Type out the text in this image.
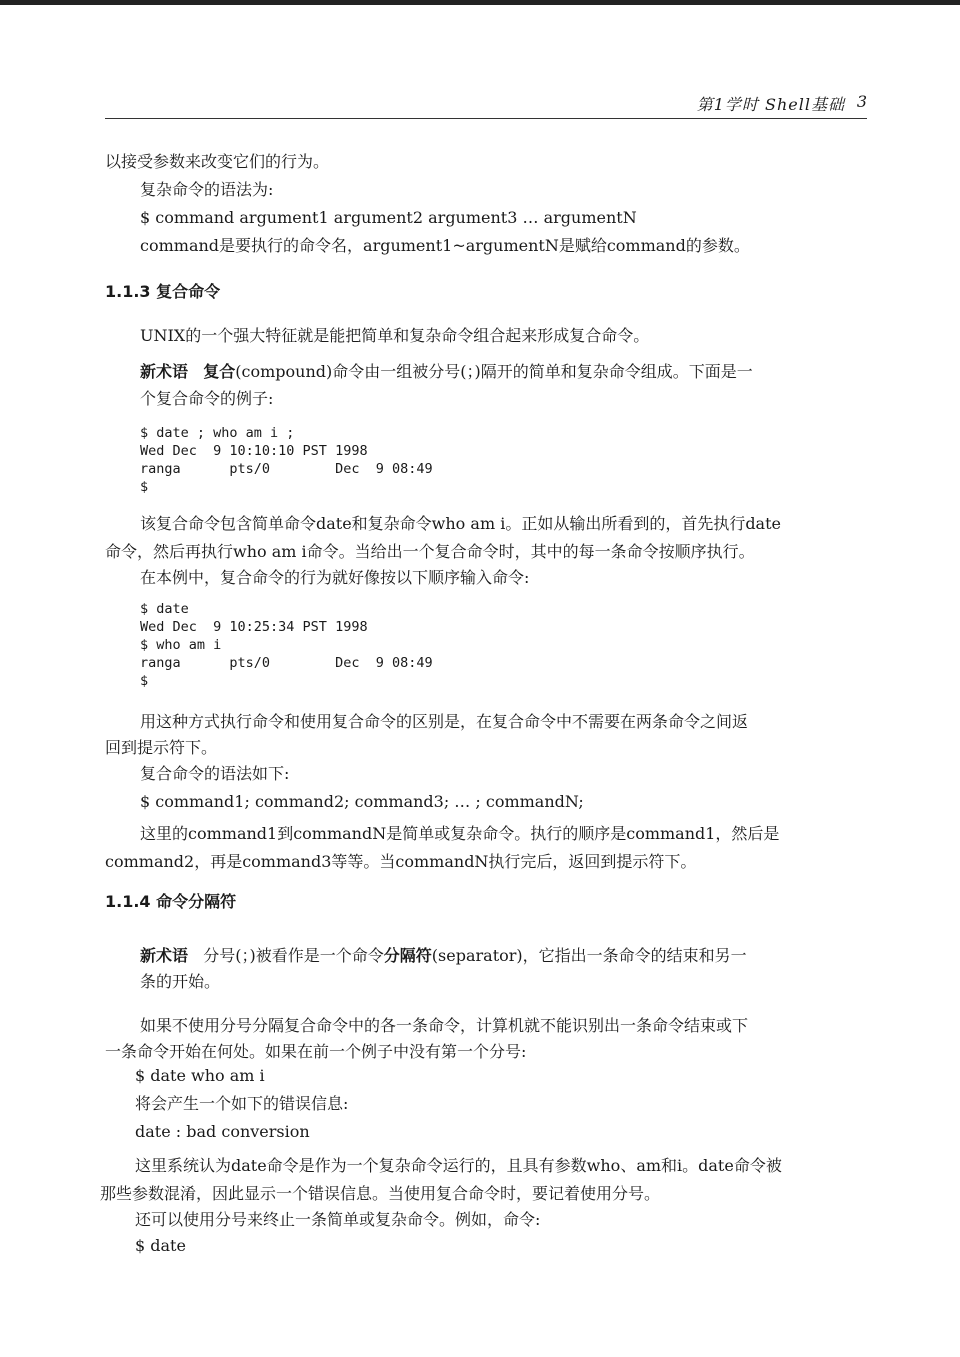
第1学时 Shell基础 3

以接受参数来改变它们的行为。

复杂命令的语法为:

$ command argument1 argument2 argument3 … argumentN

command是要执行的命令名，argument1~argumentN是赋给command的参数。

1.1.3 复合命令

UNIX的一个强大特征就是能把简单和复杂命令组合起来形成复合命令。

新术语 复合(compound)命令由一组被分号(；)隔开的简单和复杂命令组成。下面是一

个复合命令的例子:

$ date ; who am i ;
Wed Dec  9 10:10:10 PST 1998
ranga      pts/0        Dec  9 08:49
$

该复合命令包含简单命令date和复杂命令who am i。正如从输出所看到的，首先执行date

命令，然后再执行who am i命令。当给出一个复合命令时，其中的每一条命令按顺序执行。

在本例中，复合命令的行为就好像按以下顺序输入命令:

$ date
Wed Dec  9 10:25:34 PST 1998
$ who am i
ranga      pts/0        Dec  9 08:49
$

用这种方式执行命令和使用复合命令的区别是，在复合命令中不需要在两条命令之间返

回到提示符下。

复合命令的语法如下:

$ command1; command2; command3; … ; commandN;

这里的command1到commandN是简单或复杂命令。执行的顺序是command1，然后是

command2，再是command3等等。当commandN执行完后，返回到提示符下。

1.1.4 命令分隔符

新术语 分号(；)被看作是一个命令分隔符(separator)，它指出一条命令的结束和另一

条的开始。

如果不使用分号分隔复合命令中的各一条命令，计算机就不能识别出一条命令结束或下

一条命令开始在何处。如果在前一个例子中没有第一个分号:

$ date who am i

将会产生一个如下的错误信息:

date : bad conversion

这里系统认为date命令是作为一个复杂命令运行的，且具有参数who、am和i。date命令被

那些参数混淆，因此显示一个错误信息。当使用复合命令时，要记着使用分号。

还可以使用分号来终止一条简单或复杂命令。例如，命令:

$ date
